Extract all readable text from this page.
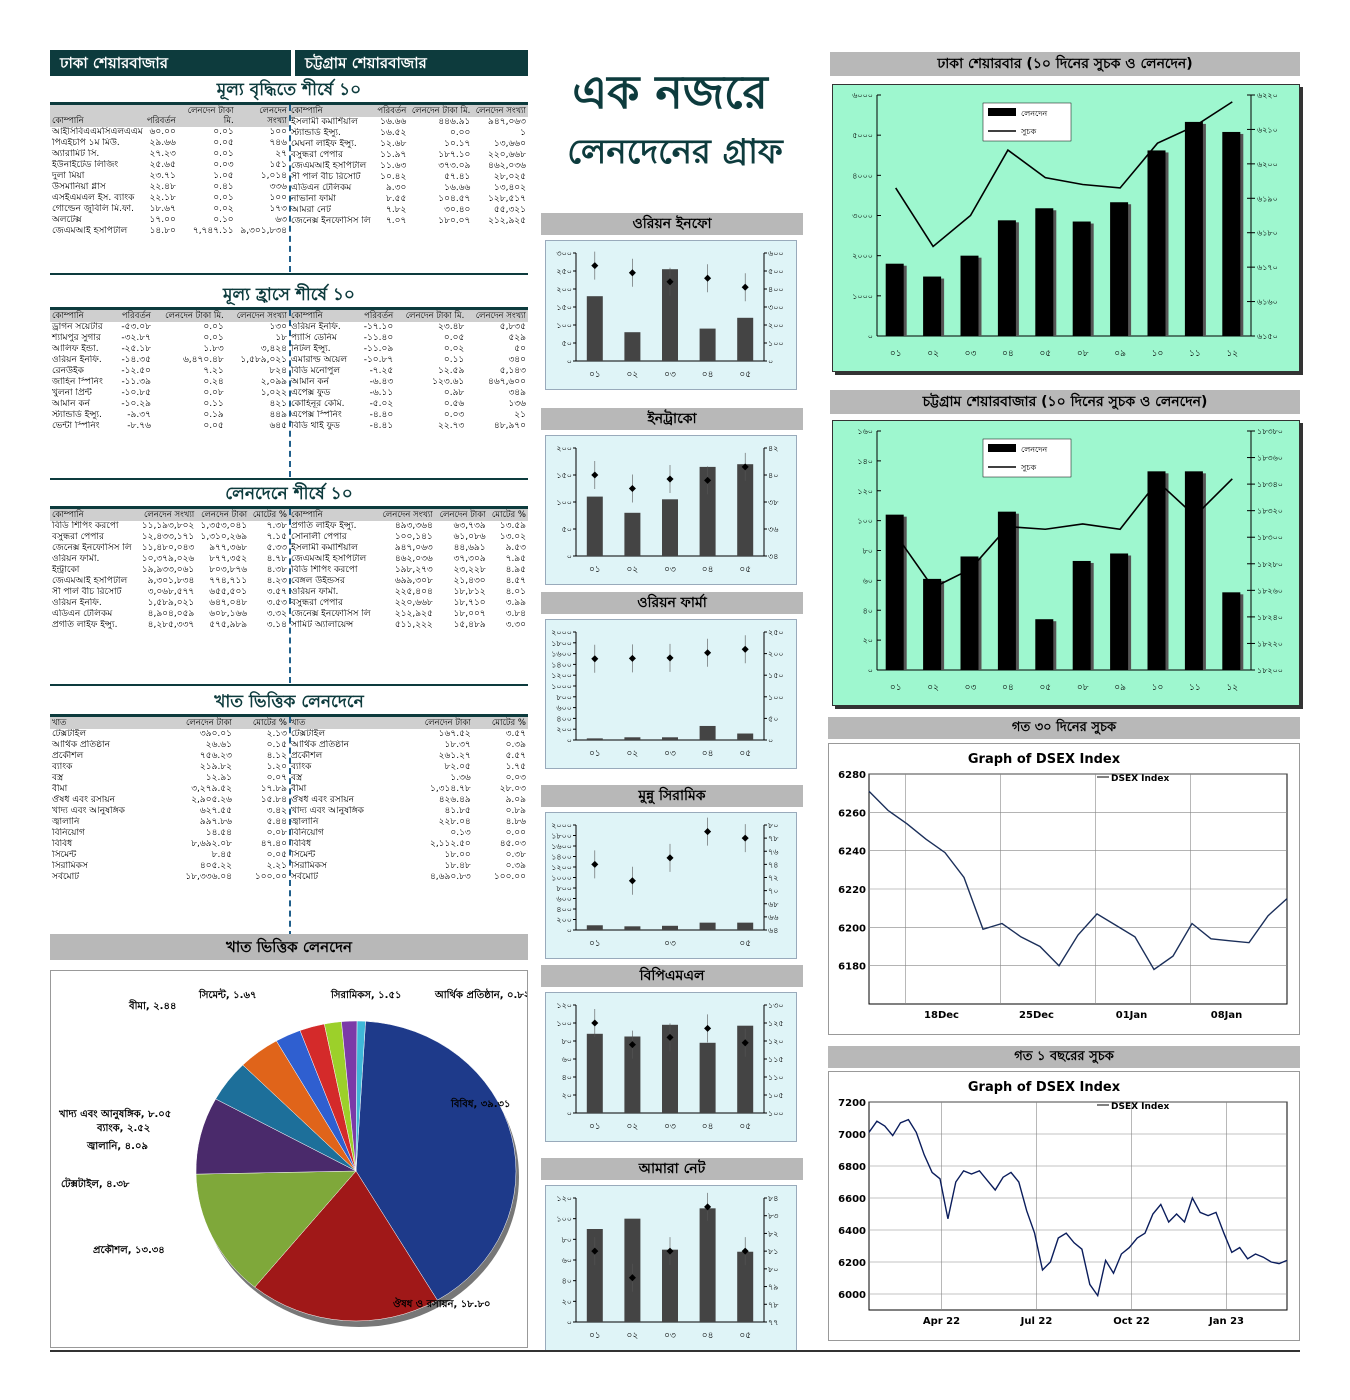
ঢাকা শেয়ারবাজার	চট্টগ্রাম শেয়ারবাজার
মূল্য বৃদ্ধিতে শীর্ষে ১০
কোম্পানি	পরিবর্তন	লেনদেন টাকা মি.	লেনদেন সংখ্যা
আইসিবিএএমসিএলএএম	৬০.০০	০.০১	১০০
পিএইচপি ১ম মিউ.	২৯.৬৬	০.০৫	৭৪৬
অ্যারামিট সি.	২৭.২৩	০.০১	২৭
ইউনাইটেড লিজিং	২৫.৬৫	০.০৩	১৫১
দুলা মিয়া	২৩.৭১	১.০৫	১,০১৪
উসমানিয়া গ্লাস	২২.৪৮	০.৪১	৩৩৬
এসইএমএল ইস. ব্যাংক	২২.১৮	০.০১	১০০
গোল্ডেন জুবিলি মি.ফা.	১৮.৬৭	০.০২	১৭৩
অলটেক্স	১৭.০০	০.১০	৬৩
জেএমআই হসপিটাল	১৪.৮০	৭,৭৪৭.১১	৯,৩০১,৮৩৪
কোম্পানি	পরিবর্তন	লেনদেন টাকা মি.	লেনদেন সংখ্যা
ইসলামী কমার্শিয়াল	১৬.৬৬	৪৪৬.৯১	৯৪৭,০৬৩
স্ট্যান্ডার্ড ইন্স্যু.	১৬.৫২	০.০০	১
মেঘনা লাইফ ইন্স্যু.	১২.৬৮	১০.১৭	১৩,৬৬০
বসুন্ধরা পেপার	১১.৯৭	১৮৭.১০	২২০,৬৬৮
জেএমআই হসপিটাল	১১.৬৩	৩৭৩.০৯	৪৬২,০৩৬
সী পার্ল বীচ রিসোর্ট	১০.৪২	৫৭.৪১	২৮,০২৫
এডিএন টেলিকম	৯.৩০	১৬.৬৬	১৩,৪০২
নাভানা ফার্মা	৮.৫৫	১০৪.৫৭	১২৮,৫১৭
আমরা নেট	৭.৮২	৩০.৪০	৫৫,৩২১
জেনেক্স ইনফোসিস লি	৭.০৭	১৮০.০৭	২১২,৯২৫
মূল্য হ্রাসে শীর্ষে ১০
কোম্পানি	পরিবর্তন	লেনদেন টাকা মি.	লেনদেন সংখ্যা
ড্রাগন সয়েটার	-৫৩.০৮	০.০১	১৩০
শ্যামপুর সুগার	-৩২.৮৭	০.০১	১৮
আলিফ ইন্ডা.	-২৫.১৮	১.৮৩	৩,৪২৪
ওরিয়ন ইনফি.	-১৪.৩৫	৬,৪৭০.৪৮	১,৫৮৯,০২১
রেনউইক	-১২.৫০	৭.২১	৮২৪
জাহিন স্পিনিং	-১১.৩৯	০.২৪	২,০৯৯
খুলনা প্রিন্ট	-১০.৮৫	০.০৮	১,০২২
আমান কর্ন	-১০.২৯	০.১১	৪২১
স্ট্যান্ডার্ড ইন্স্যু.	-৯.৩৭	০.১৯	৪৪৯
ভেন্টা স্পিনিং	-৮.৭৬	০.০৫	৬৪৫
কোম্পানি	পরিবর্তন	লেনদেন টাকা মি.	লেনদেন সংখ্যা
ওরিয়ন ইনফি.	-১৭.১০	২৩.৪৮	৫,৮৩৫
প্যাসি ডেনিম	-১১.৪০	০.০৫	৫২৯
নিটল ইন্স্যু.	-১১.০৯	০.০২	৫০
এমারাল্ড অয়েল	-১০.৮৭	০.১১	৩৪০
বিডি মনোপুল	-৭.২৫	১২.৫৯	৫,১৪৩
আমান কর্ন	-৬.৪৩	১২৩.৬১	৪৬৭,৬০০
এপেক্স ফুড	-৬.১১	০.৯৮	৩৪৯
কোহিনূর কেমি.	-৫.০২	০.৫৬	১৩৬
এপেক্স স্পিনিং	-৪.৪০	০.০৩	২১
বিডি থাই ফুড	-৪.৪১	২২.৭৩	৪৮,৯৭০
লেনদেনে শীর্ষে ১০
কোম্পানি	লেনদেন সংখ্যা	লেনদেন টাকা	মোটের %
বিডি শিপিং করপো	১১,১৯৩,৮০২	১,৩৫৩,০৪১	৭.৩৮
বসুন্ধরা পেপার	১২,৪৩৩,১৭১	১,৩১০,২৬৯	৭.১৫
জেনেক্স ইনফোসিস লি	১১,৪৮০,০৪৩	৯৭৭,৩৬৮	৫.৩৩
ওরিয়ন ফার্মা.	১০,৩৭৯,০২৬	৮৭৭,৩৫২	৪.৭৮
ইন্ট্রাকো	১৯,৯৩৩,০৬১	৮০৩,৮৭৬	৪.৩৮
জেএমআই হসপিটাল	৯,৩০১,৮৩৪	৭৭৪,৭১১	৪.২৩
সী পার্ল বীচ রিসোর্ট	৩,০৬৮,৫৭৭	৬৫৫,৫০১	৩.৫৭
ওরিয়ন ইনফি.	১,৫৮৯,০২১	৬৪৭,০৪৮	৩.৫৩
এডিএন টেলিকম	৪,৯০৪,০৫৯	৬০৮,১৬৬	৩.৩২
প্রগতি লাইফ ইন্স্যু.	৪,২৮৫,৩৩৭	৫৭৫,৯৮৯	৩.১৪
কোম্পানি	লেনদেন সংখ্যা	লেনদেন টাকা	মোটের %
প্রগতি লাইফ ইন্স্যু.	৪৯৩,৩৬৪	৬৩,৭৩৯	১৩.৫৯
সোনালী পেপার	১০০,১৪১	৬১,০৮৬	১৩.০২
ইসলামী কমার্শিয়াল	৯৪৭,০৬৩	৪৪,৬৯১	৯.৫৩
জেএমআই হসপিটাল	৪৬২,০৩৬	৩৭,৩০৯	৭.৯৫
বিডি শিপিং করপো	১৯৮,২৭৩	২৩,২২৮	৪.৯৫
বেঙ্গল উইন্ডসর	৬৯৯,৩০৮	২১,৪৩০	৪.৫৭
ওরিয়ন ফার্মা.	২২৫,৪০৪	১৮,৮১২	৪.০১
বসুন্ধরা পেপার	২২০,৬৬৮	১৮,৭১০	৩.৯৯
জেনেক্স ইনফোসিস লি	২১২,৯২৫	১৮,০০৭	৩.৮৪
সামিট অ্যালায়েন্স	৫১১,২২২	১৫,৪৮৯	৩.৩০
খাত ভিত্তিক লেনদেনে
খাত	লেনদেন টাকা	মোটের %
টেক্সটাইল	৩৯০.০১	২.১৩
আর্থিক প্রতিষ্ঠান	২৬.৬১	০.১৫
প্রকৌশল	৭৫৬.২৩	৪.১২
ব্যাংক	২১৯.৮২	১.২০
বস্ত্র	১২.৯১	০.০৭
বীমা	৩,২৭৯.৫২	১৭.৮৯
ঔষধ এবং রসায়ন	২,৯০৫.২৬	১৫.৮৪
খাদ্য এবং আনুষঙ্গিক	৬২৭.৫৫	৩.৪২
জ্বালানি	৯৯৭.৮৬	৫.৪৪
বিনিয়োগ	১৪.৫৪	০.০৮
বিবিধ	৮,৬৯২.০৮	৪৭.৪০
সিমেন্ট	৮.৪৫	০.০৫
সিরামিকস	৪০৫.২২	২.২১
সর্বমোট	১৮,৩৩৬.০৪	১০০.০০
খাত	লেনদেন টাকা	মোটের %
টেক্সটাইল	১৬৭.৫২	৩.৫৭
আর্থিক প্রতিষ্ঠান	১৮.৩৭	০.৩৯
প্রকৌশল	২৬১.২৭	৫.৫৭
ব্যাংক	৮২.০৫	১.৭৫
বস্ত্র	১.৩৬	০.০৩
বীমা	১,৩১৪.৭৮	২৮.০৩
ঔষধ এবং রসায়ন	৪২৬.৪৯	৯.০৯
খাদ্য এবং আনুষঙ্গিক	৪১.৮৫	০.৮৯
জ্বালানি	২২৮.০৪	৪.৮৬
বিনিয়োগ	০.১৩	০.০০
বিবিধ	২,১১২.৫০	৪৫.০৩
সিমেন্ট	১৮.০০	০.৩৮
সিরামিকস	১৮.৪৮	০.৩৯
সর্বমোট	৪,৬৯০.৮৩	১০০.০০
খাত ভিত্তিক লেনদেন
বিবিধ, ৩৯.৩১
ঔষধ ও রসায়ন, ১৮.৮০
প্রকৌশল, ১৩.৩৪
খাদ্য এবং আনুষঙ্গিক, ৮.০৫
টেক্সটাইল, ৪.৩৮
জ্বালানি, ৪.০৯
ব্যাংক, ২.৫২
বীমা, ২.৪৪
সিমেন্ট, ১.৬৭	সিরামিকস, ১.৫১	আর্থিক প্রতিষ্ঠান, ০.৮২
এক নজরে
লেনদেনের গ্রাফ
ওরিয়ন ইনফো
০
৫০
১০০
১৫০
২০০
২৫০
৩০০
০
১০০
২০০
৩০০
৪০০
৫০০
৬০০
০১	০২	০৩	০৪	০৫
ইনট্রাকো
০
৫০
১০০
১৫০
২০০
৩৪
৩৬
৩৮
৪০
৪২
০১	০২	০৩	০৪	০৫
ওরিয়ন ফার্মা
০
২০০
৪০০
৬০০
৮০০
১০০০
১২০০
১৪০০
১৬০০
১৮০০
২০০০
০
৫০
১০০
১৫০
২০০
২৫০
০১	০২	০৩	০৪	০৫
মুন্নু সিরামিক
০
২০০
৪০০
৬০০
৮০০
১০০০
১২০০
১৪০০
১৬০০
১৮০০
২০০০
৬৪
৬৬
৬৮
৭০
৭২
৭৪
৭৬
৭৮
৮০
০১	০৩	০৫
বিপিএমএল
০
২০
৪০
৬০
৮০
১০০
১২০
১০০
১০৫
১১০
১১৫
১২০
১২৫
১৩০
০১	০২	০৩	০৪	০৫
আমারা নেট
০
২০
৪০
৬০
৮০
১০০
১২০
৭৭
৭৮
৭৯
৮০
৮১
৮২
৮৩
৮৪
০১	০২	০৩	০৪	০৫
ঢাকা শেয়ারবার (১০ দিনের সুচক ও লেনদেন)
০
১০০০
২০০০
৩০০০
৪০০০
৫০০০
৬০০০
৬১৫০
৬১৬০
৬১৭০
৬১৮০
৬১৯০
৬২০০
৬২১০
৬২২০
০১	০২	০৩	০৪	০৫	০৮	০৯	১০	১১	১২
লেনদেন
সুচক
চট্টগ্রাম শেয়ারবাজার (১০ দিনের সুচক ও লেনদেন)
০
২০
৪০
৬০
৮০
১০০
১২০
১৪০
১৬০
১৮২০০
১৮২২০
১৮২৪০
১৮২৬০
১৮২৮০
১৮৩০০
১৮৩২০
১৮৩৪০
১৮৩৬০
১৮৩৮০
০১	০২	০৩	০৪	০৫	০৮	০৯	১০	১১	১২
লেনদেন
সুচক
গত ৩০ দিনের সুচক
Graph of DSEX Index
6180
6200
6220
6240
6260
6280
18Dec	25Dec	01Jan	08Jan
DSEX Index
গত ১ বছরের সুচক
Graph of DSEX Index
6000
6200
6400
6600
6800
7000
7200
Apr 22	Jul 22	Oct 22	Jan 23
DSEX Index
